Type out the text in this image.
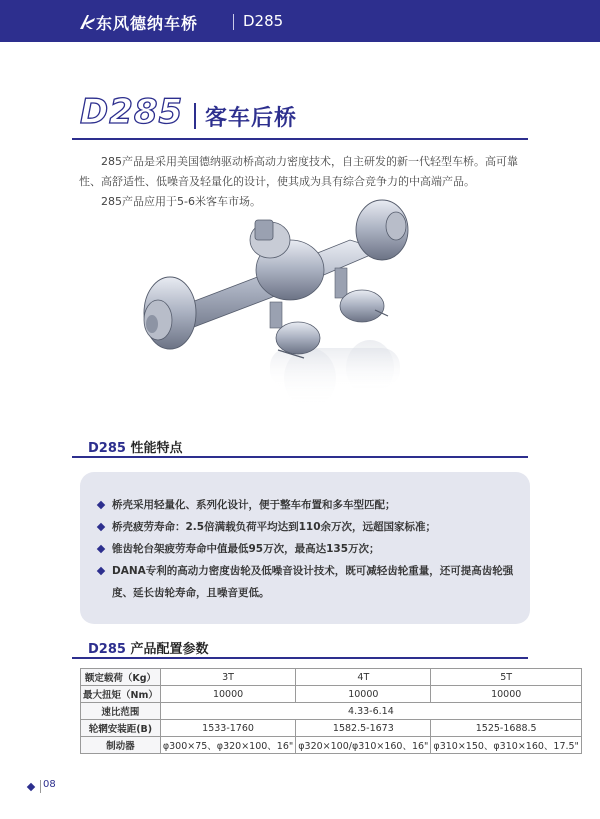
东风德纳车桥	D285
D285 客车后桥

285产品是采用美国德纳驱动桥高动力密度技术，自主研发的新一代轻型车桥。高可靠性、高舒适性、低噪音及轻量化的设计，使其成为具有综合竞争力的中高端产品。

285产品应用于5-6米客车市场。

D285 性能特点
桥壳采用轻量化、系列化设计，便于整车布置和多车型匹配；
桥壳疲劳寿命：2.5倍满载负荷平均达到110余万次，远超国家标准；
锥齿轮台架疲劳寿命中值最低95万次，最高达135万次；
DANA专利的高动力密度齿轮及低噪音设计技术，既可减轻齿轮重量，还可提高齿轮强度、延长齿轮寿命，且噪音更低。
D285 产品配置参数
额定载荷（Kg）	3T	4T	5T
最大扭矩（Nm）	10000	10000	10000
速比范围	4.33-6.14		
轮辋安装距(B)	1533-1760	1582.5-1673	1525-1688.5
制动器	φ300×75、φ320×100、16"	φ320×100/φ310×160、16"	φ310×150、φ310×160、17.5"
08
